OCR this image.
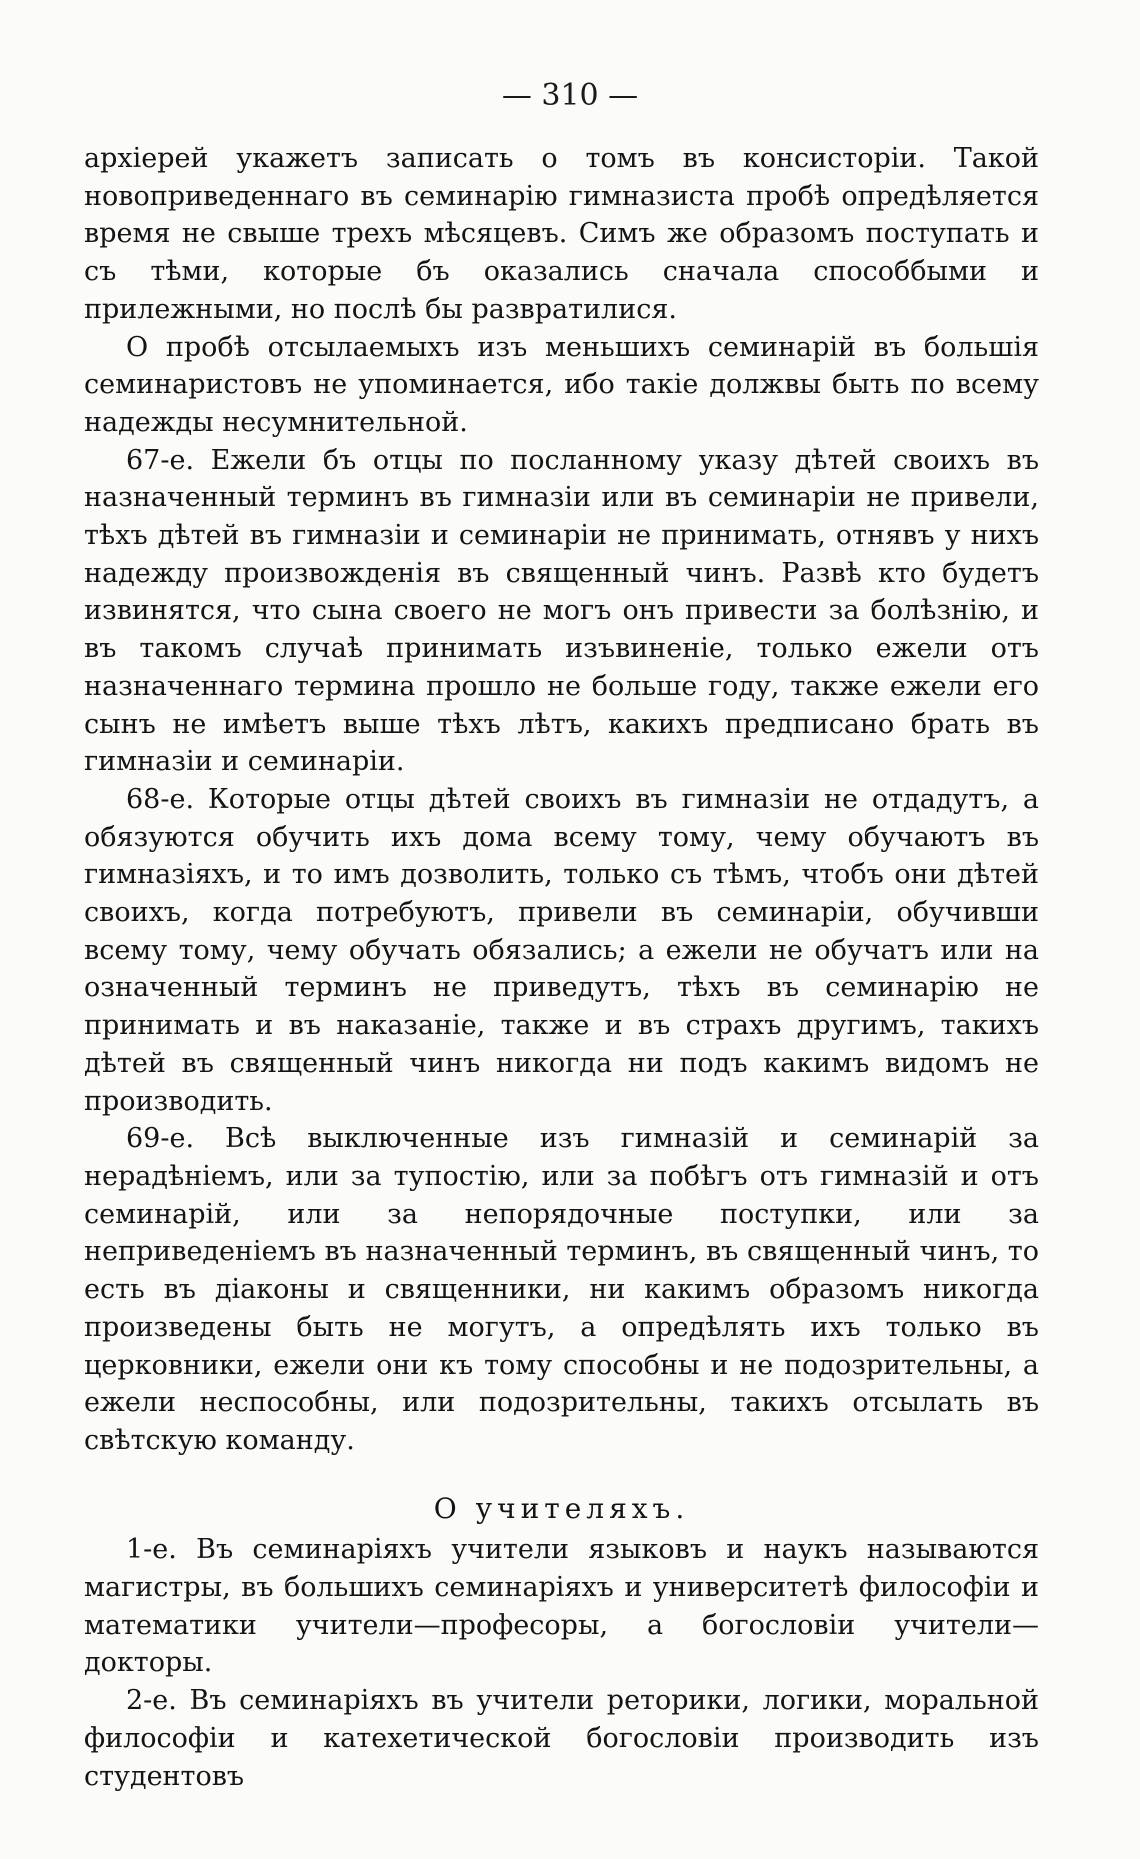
— 310 —

архіерей укажетъ записать о томъ въ консисторіи. Такой новоприведеннаго въ семинарію гимназиста пробѣ опредѣляется время не свыше трехъ мѣсяцевъ. Симъ же образомъ поступать и съ тѣми, которые бъ оказались сначала способбыми и прилежными, но послѣ бы развратилися.

О пробѣ отсылаемыхъ изъ меньшихъ семинарій въ большія семинаристовъ не упоминается, ибо такіе должвы быть по всему надежды несумнительной.

67-е. Ежели бъ отцы по посланному указу дѣтей своихъ въ назначенный терминъ въ гимназіи или въ семинаріи не привели, тѣхъ дѣтей въ гимназіи и семинаріи не принимать, отнявъ у нихъ надежду произвожденія въ священный чинъ. Развѣ кто будетъ извинятся, что сына своего не могъ онъ привести за болѣзнію, и въ такомъ случаѣ принимать изъвиненіе, только ежели отъ назначеннаго термина прошло не больше году, также ежели его сынъ не имѣетъ выше тѣхъ лѣтъ, какихъ предписано брать въ гимназіи и семинаріи.

68-е. Которые отцы дѣтей своихъ въ гимназіи не отдадутъ, а обязуются обучить ихъ дома всему тому, чему обучаютъ въ гимназіяхъ, и то имъ дозволить, только съ тѣмъ, чтобъ они дѣтей своихъ, когда потребуютъ, привели въ семинаріи, обучивши всему тому, чему обучать обязались; а ежели не обучатъ или на означенный терминъ не приведутъ, тѣхъ въ семинарію не принимать и въ наказаніе, также и въ страхъ другимъ, такихъ дѣтей въ священный чинъ никогда ни подъ какимъ видомъ не производить.

69-е. Всѣ выключенные изъ гимназій и семинарій за нерадѣніемъ, или за тупостію, или за побѣгъ отъ гимназій и отъ семинарій, или за непорядочные поступки, или за неприведеніемъ въ назначенный терминъ, въ священный чинъ, то есть въ діаконы и священники, ни какимъ образомъ никогда произведены быть не могутъ, а опредѣлять ихъ только въ церковники, ежели они къ тому способны и не подозрительны, а ежели неспособны, или подозрительны, такихъ отсылать въ свѣтскую команду.

О учителяхъ.

1-е. Въ семинаріяхъ учители языковъ и наукъ называются магистры, въ большихъ семинаріяхъ и университетѣ философіи и математики учители—професоры, а богословіи учители—докторы.

2-е. Въ семинаріяхъ въ учители реторики, логики, моральной философіи и катехетической богословіи производить изъ студентовъ
